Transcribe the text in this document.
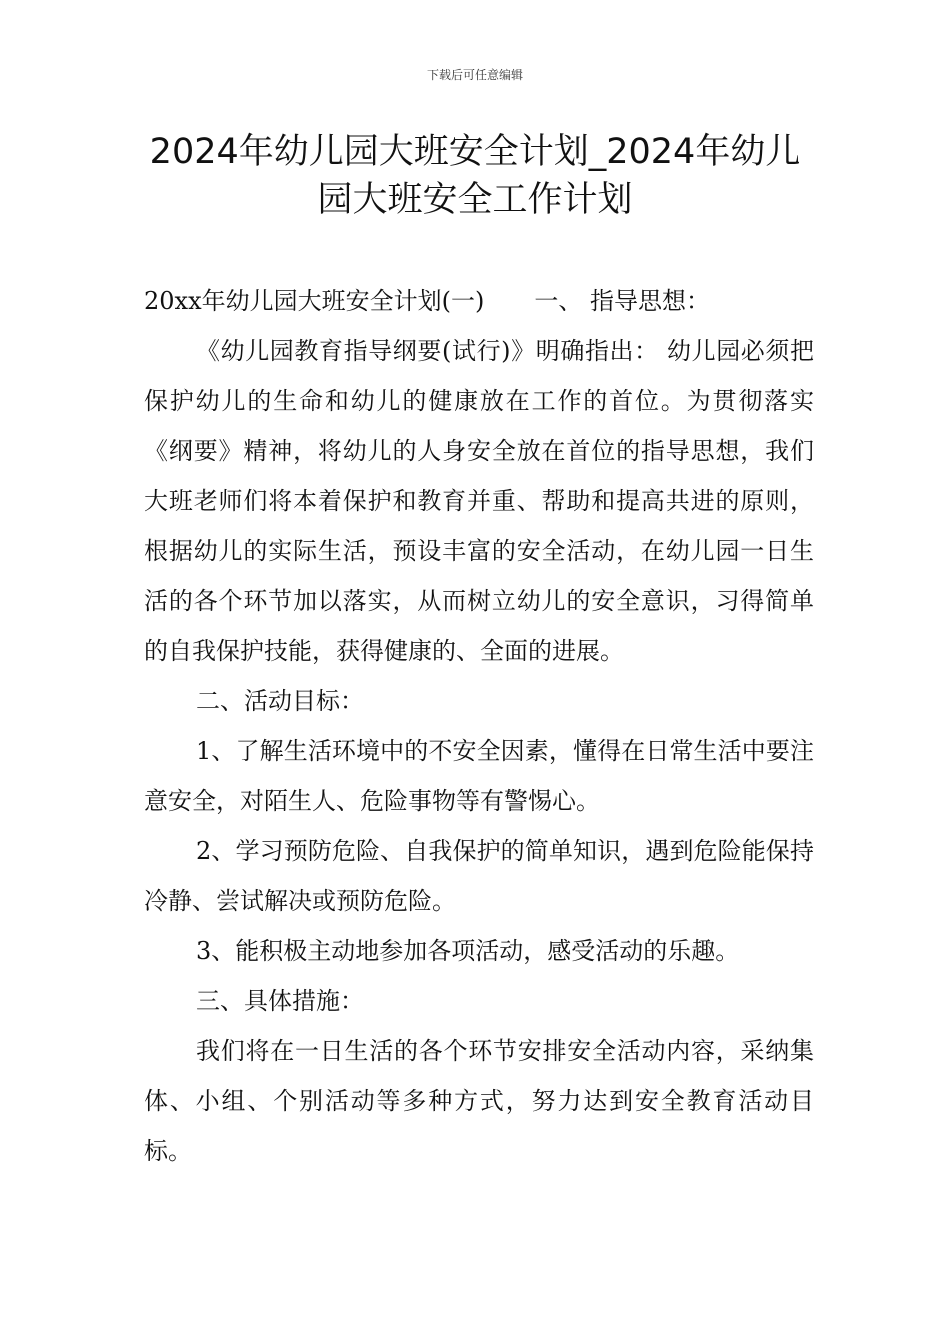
下载后可任意编辑
2024年幼儿园大班安全计划_2024年幼儿
园大班安全工作计划

20xx年幼儿园大班安全计划(一) 一、 指导思想：

《幼儿园教育指导纲要(试行)》明确指出： 幼儿园必须把保护幼儿的生命和幼儿的健康放在工作的首位。为贯彻落实《纲要》精神，将幼儿的人身安全放在首位的指导思想，我们大班老师们将本着保护和教育并重、帮助和提高共进的原则，根据幼儿的实际生活，预设丰富的安全活动，在幼儿园一日生活的各个环节加以落实，从而树立幼儿的安全意识，习得简单的自我保护技能，获得健康的、全面的进展。

二、活动目标：

1、了解生活环境中的不安全因素，懂得在日常生活中要注意安全，对陌生人、危险事物等有警惕心。

2、学习预防危险、自我保护的简单知识，遇到危险能保持冷静、尝试解决或预防危险。

3、能积极主动地参加各项活动，感受活动的乐趣。

三、具体措施：

我们将在一日生活的各个环节安排安全活动内容，采纳集体、小组、个别活动等多种方式，努力达到安全教育活动目标。
